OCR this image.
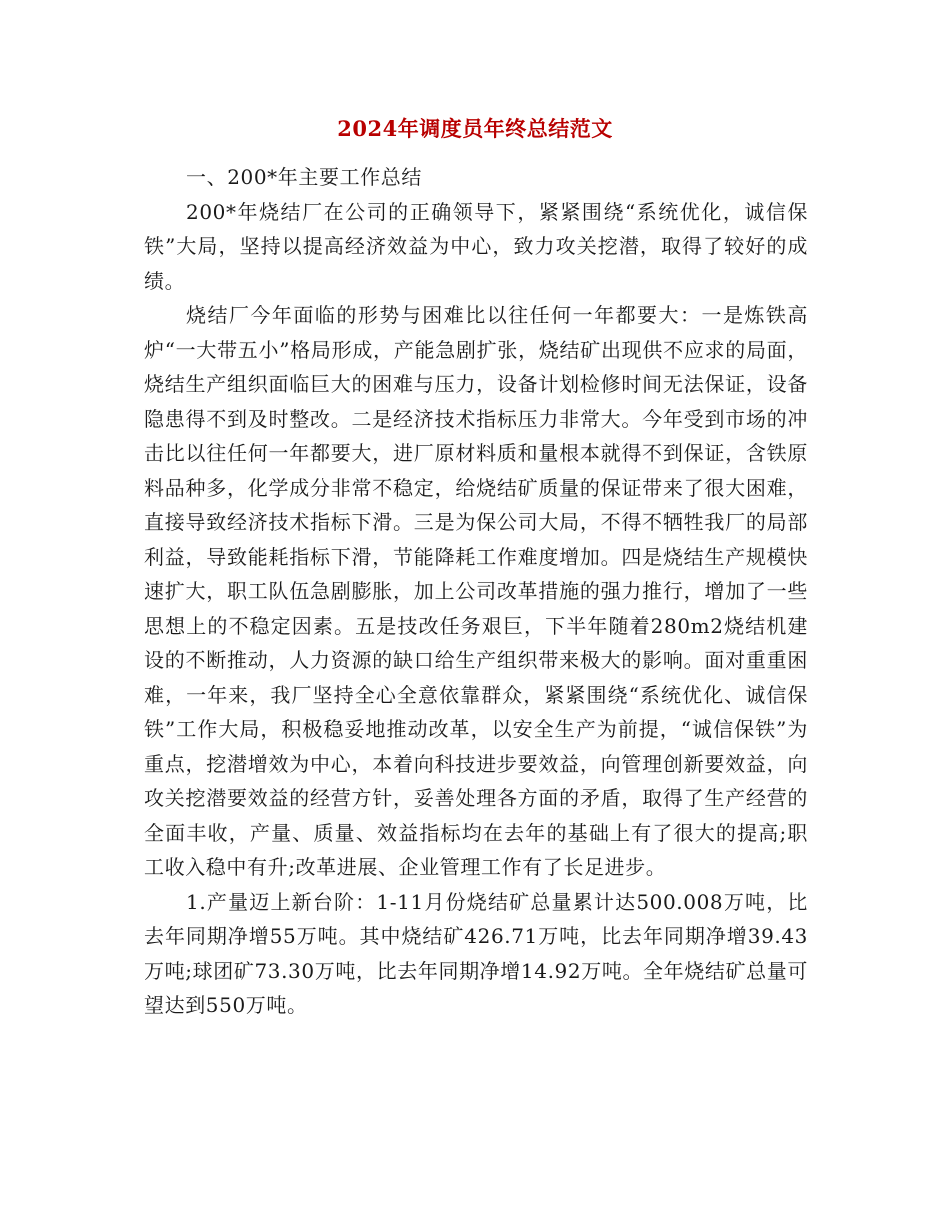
2024年调度员年终总结范文

一、200*年主要工作总结

200*年烧结厂在公司的正确领导下，紧紧围绕“系统优化，诚信保铁”大局，坚持以提高经济效益为中心，致力攻关挖潜，取得了较好的成绩。

烧结厂今年面临的形势与困难比以往任何一年都要大：一是炼铁高炉“一大带五小”格局形成，产能急剧扩张，烧结矿出现供不应求的局面，烧结生产组织面临巨大的困难与压力，设备计划检修时间无法保证，设备隐患得不到及时整改。二是经济技术指标压力非常大。今年受到市场的冲击比以往任何一年都要大，进厂原材料质和量根本就得不到保证，含铁原料品种多，化学成分非常不稳定，给烧结矿质量的保证带来了很大困难，直接导致经济技术指标下滑。三是为保公司大局，不得不牺牲我厂的局部利益，导致能耗指标下滑，节能降耗工作难度增加。四是烧结生产规模快速扩大，职工队伍急剧膨胀，加上公司改革措施的强力推行，增加了一些思想上的不稳定因素。五是技改任务艰巨，下半年随着280m2烧结机建设的不断推动，人力资源的缺口给生产组织带来极大的影响。面对重重困难，一年来，我厂坚持全心全意依靠群众，紧紧围绕“系统优化、诚信保铁”工作大局，积极稳妥地推动改革，以安全生产为前提，“诚信保铁”为重点，挖潜增效为中心，本着向科技进步要效益，向管理创新要效益，向攻关挖潜要效益的经营方针，妥善处理各方面的矛盾，取得了生产经营的全面丰收，产量、质量、效益指标均在去年的基础上有了很大的提高;职工收入稳中有升;改革进展、企业管理工作有了长足进步。

1.产量迈上新台阶：1-11月份烧结矿总量累计达500.008万吨，比去年同期净增55万吨。其中烧结矿426.71万吨，比去年同期净增39.43万吨;球团矿73.30万吨，比去年同期净增14.92万吨。全年烧结矿总量可望达到550万吨。
